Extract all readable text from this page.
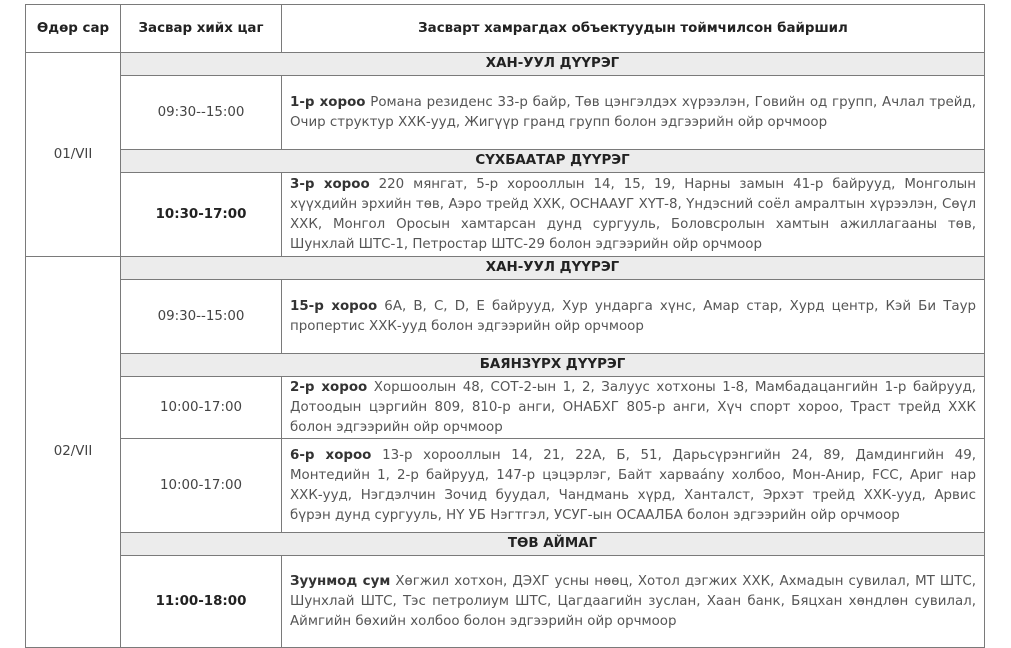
Өдөр сар	Засвар хийх цаг	Засварт хамрагдах объектуудын тоймчилсон байршил
01/VII	ХАН-УУЛ ДҮҮРЭГ	
	09:30--15:00	1-р хороо Романа резиденс 33-р байр, Төв цэнгэлдэх хүрээлэн, Говийн од групп, Ачлал трейд, Очир структур ХХК-ууд, Жигүүр гранд групп болон эдгээрийн ойр орчмоор
	СҮХБААТАР ДҮҮРЭГ	
	10:30-17:00	3-р хороо 220 мянгат, 5-р хорооллын 14, 15, 19, Нарны замын 41-р байрууд, Монголын хүүхдийн эрхийн төв, Аэро трейд ХХК, ОСНААУГ ХҮТ-8, Үндэсний соёл амралтын хүрээлэн, Сөүл ХХК, Монгол Оросын хамтарсан дунд сургууль, Боловсролын хамтын ажиллагааны төв, Шунхлай ШТС-1, Петростар ШТС-29 болон эдгээрийн ойр орчмоор
02/VII	ХАН-УУЛ ДҮҮРЭГ	
	09:30--15:00	15-р хороо 6А, B, C, D, E байрууд, Хур ундарга хүнс, Амар стар, Хурд центр, Кэй Би Таур пропертис ХХК-ууд болон эдгээрийн ойр орчмоор
	БАЯНЗҮРХ ДҮҮРЭГ	
	10:00-17:00	2-р хороо Хоршоолын 48, СОТ-2-ын 1, 2, Залуус хотхоны 1-8, Мамбадацангийн 1-р байрууд, Дотоодын цэргийн 809, 810-р анги, ОНАБХГ 805-р анги, Хүч спорт хороо, Траст трейд ХХК болон эдгээрийн ойр орчмоор
	10:00-17:00	6-р хороо 13-р хорооллын 14, 21, 22А, Б, 51, Дарьсүрэнгийн 24, 89, Дамдингийн 49, Монтедийн 1, 2-р байрууд, 147-р цэцэрлэг, Байт харваány холбоо, Мон-Анир, FCC, Ариг нар ХХК-ууд, Нэгдэлчин Зочид буудал, Чандмань хүрд, Ханталст, Эрхэт трейд ХХК-ууд, Арвис бүрэн дунд сургууль, НҮ УБ Нэгтгэл, УСУГ-ын ОСААЛБА болон эдгээрийн ойр орчмоор
	ТӨВ АЙМАГ	
	11:00-18:00	Зуунмод сум Хөгжил хотхон, ДЭХГ усны нөөц, Хотол дэгжих ХХК, Ахмадын сувилал, МТ ШТС, Шунхлай ШТС, Тэс петролиум ШТС, Цагдаагийн зуслан, Хаан банк, Бяцхан хөндлөн сувилал, Аймгийн бөхийн холбоо болон эдгээрийн ойр орчмоор
